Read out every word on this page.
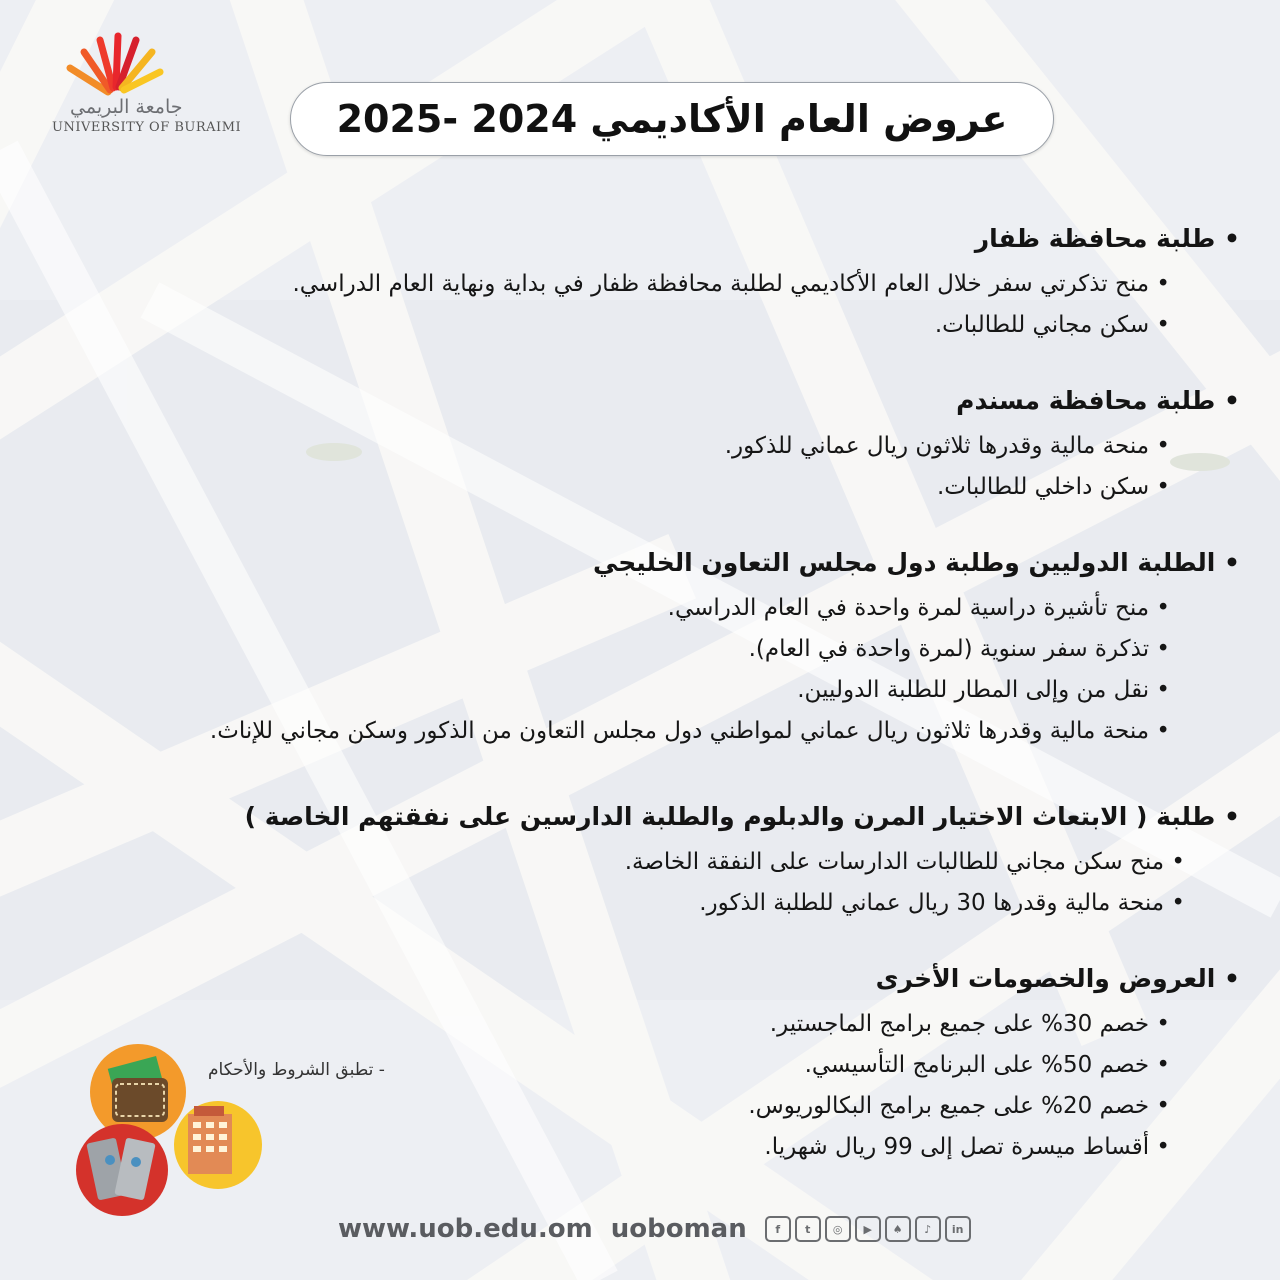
جامعة البريمي
UNIVERSITY OF BURAIMI	عروض العام الأكاديمي 2024 -2025
• طلبة محافظة ظفار
• منح تذكرتي سفر خلال العام الأكاديمي لطلبة محافظة ظفار في بداية ونهاية العام الدراسي.
• سكن مجاني للطالبات.
• طلبة محافظة مسندم
• منحة مالية وقدرها ثلاثون ريال عماني للذكور.
• سكن داخلي للطالبات.
• الطلبة الدوليين وطلبة دول مجلس التعاون الخليجي
• منح تأشيرة دراسية لمرة واحدة في العام الدراسي.
• تذكرة سفر سنوية (لمرة واحدة في العام).
• نقل من وإلى المطار للطلبة الدوليين.
• منحة مالية وقدرها ثلاثون ريال عماني لمواطني دول مجلس التعاون من الذكور وسكن مجاني للإناث.
• طلبة ( الابتعاث الاختيار المرن والدبلوم والطلبة الدارسين على نفقتهم الخاصة )
• منح سكن مجاني للطالبات الدارسات على النفقة الخاصة.
• منحة مالية وقدرها 30 ريال عماني للطلبة الذكور.
• العروض والخصومات الأخرى
• خصم 30% على جميع برامج الماجستير.
• خصم 50% على البرنامج التأسيسي.
• خصم 20% على جميع برامج البكالوريوس.
• أقساط ميسرة تصل إلى 99 ريال شهريا.
- تطبق الشروط والأحكام
www.uob.edu.om uoboman	f	t	◎	▶	♠	♪	in
